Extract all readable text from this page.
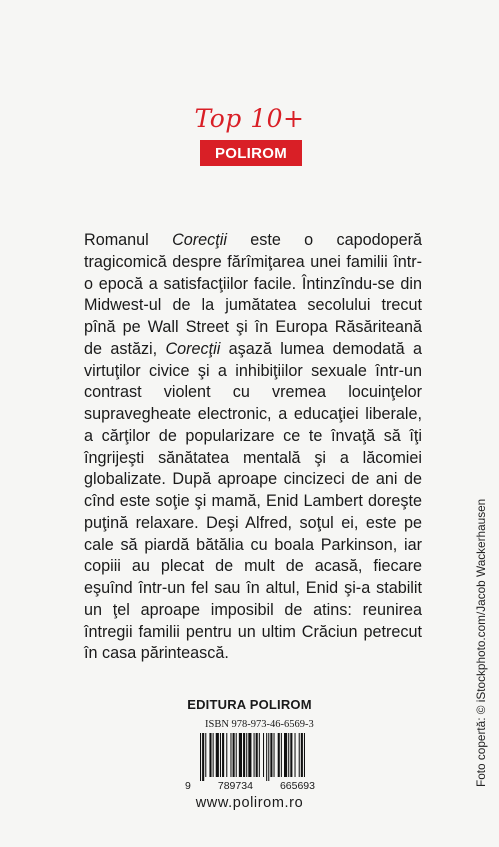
Top 10+
POLIROM
Romanul Corecţii este o capodoperă tragicomică despre fărîmiţarea unei familii într-o epocă a satisfacţiilor facile. Întinzîndu-se din Midwest-ul de la jumătatea secolului trecut pînă pe Wall Street şi în Europa Răsăriteană de astăzi, Corecţii aşază lumea demodată a virtuţilor civice şi a inhibiţiilor sexuale într-un contrast violent cu vremea locuinţelor supravegheate electronic, a educaţiei liberale, a cărţilor de popularizare ce te învaţă să îţi îngrijeşti sănătatea mentală şi a lăcomiei globalizate. După aproape cincizeci de ani de cînd este soţie şi mamă, Enid Lambert doreşte puţină relaxare. Deşi Alfred, soţul ei, este pe cale să piardă bătălia cu boala Parkinson, iar copiii au plecat de mult de acasă, fiecare eşuînd într-un fel sau în altul, Enid şi-a stabilit un ţel aproape imposibil de atins: reunirea întregii familii pentru un ultim Crăciun petrecut în casa părintească.
EDITURA POLIROM
ISBN 978-973-46-6569-3
9	789734	665693
www.polirom.ro
Foto copertă: © iStockphoto.com/Jacob Wackerhausen
